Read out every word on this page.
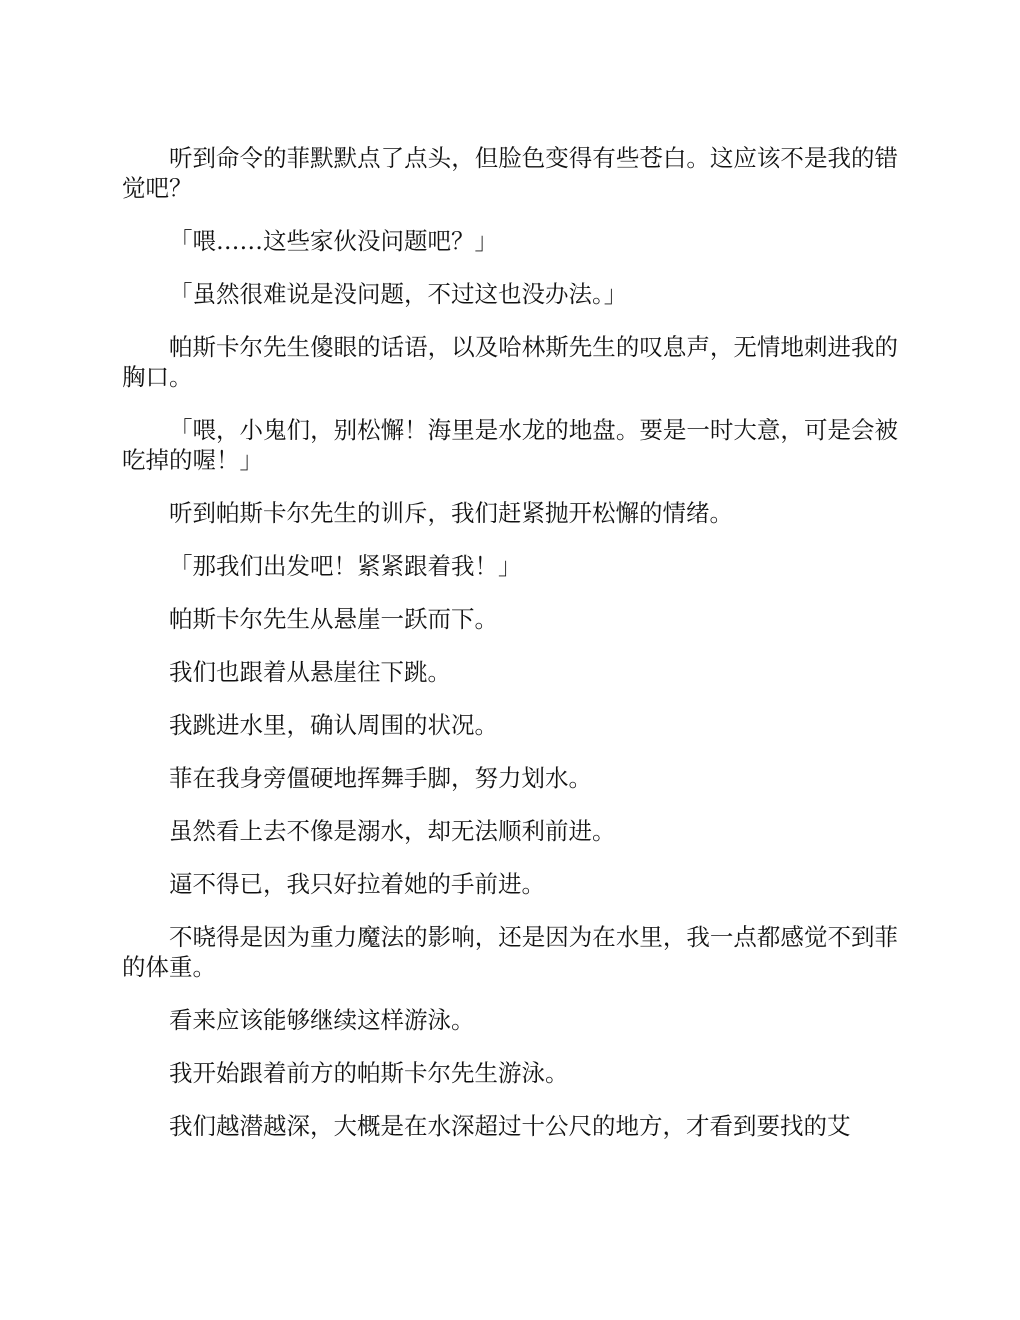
听到命令的菲默默点了点头，但脸色变得有些苍白。这应该不是我的错觉吧？

「喂……这些家伙没问题吧？」

「虽然很难说是没问题，不过这也没办法。」

帕斯卡尔先生傻眼的话语，以及哈林斯先生的叹息声，无情地刺进我的胸口。

「喂，小鬼们，别松懈！海里是水龙的地盘。要是一时大意，可是会被吃掉的喔！」

听到帕斯卡尔先生的训斥，我们赶紧抛开松懈的情绪。

「那我们出发吧！紧紧跟着我！」

帕斯卡尔先生从悬崖一跃而下。

我们也跟着从悬崖往下跳。

我跳进水里，确认周围的状况。

菲在我身旁僵硬地挥舞手脚，努力划水。

虽然看上去不像是溺水，却无法顺利前进。

逼不得已，我只好拉着她的手前进。

不晓得是因为重力魔法的影响，还是因为在水里，我一点都感觉不到菲的体重。

看来应该能够继续这样游泳。

我开始跟着前方的帕斯卡尔先生游泳。

我们越潜越深，大概是在水深超过十公尺的地方，才看到要找的艾
